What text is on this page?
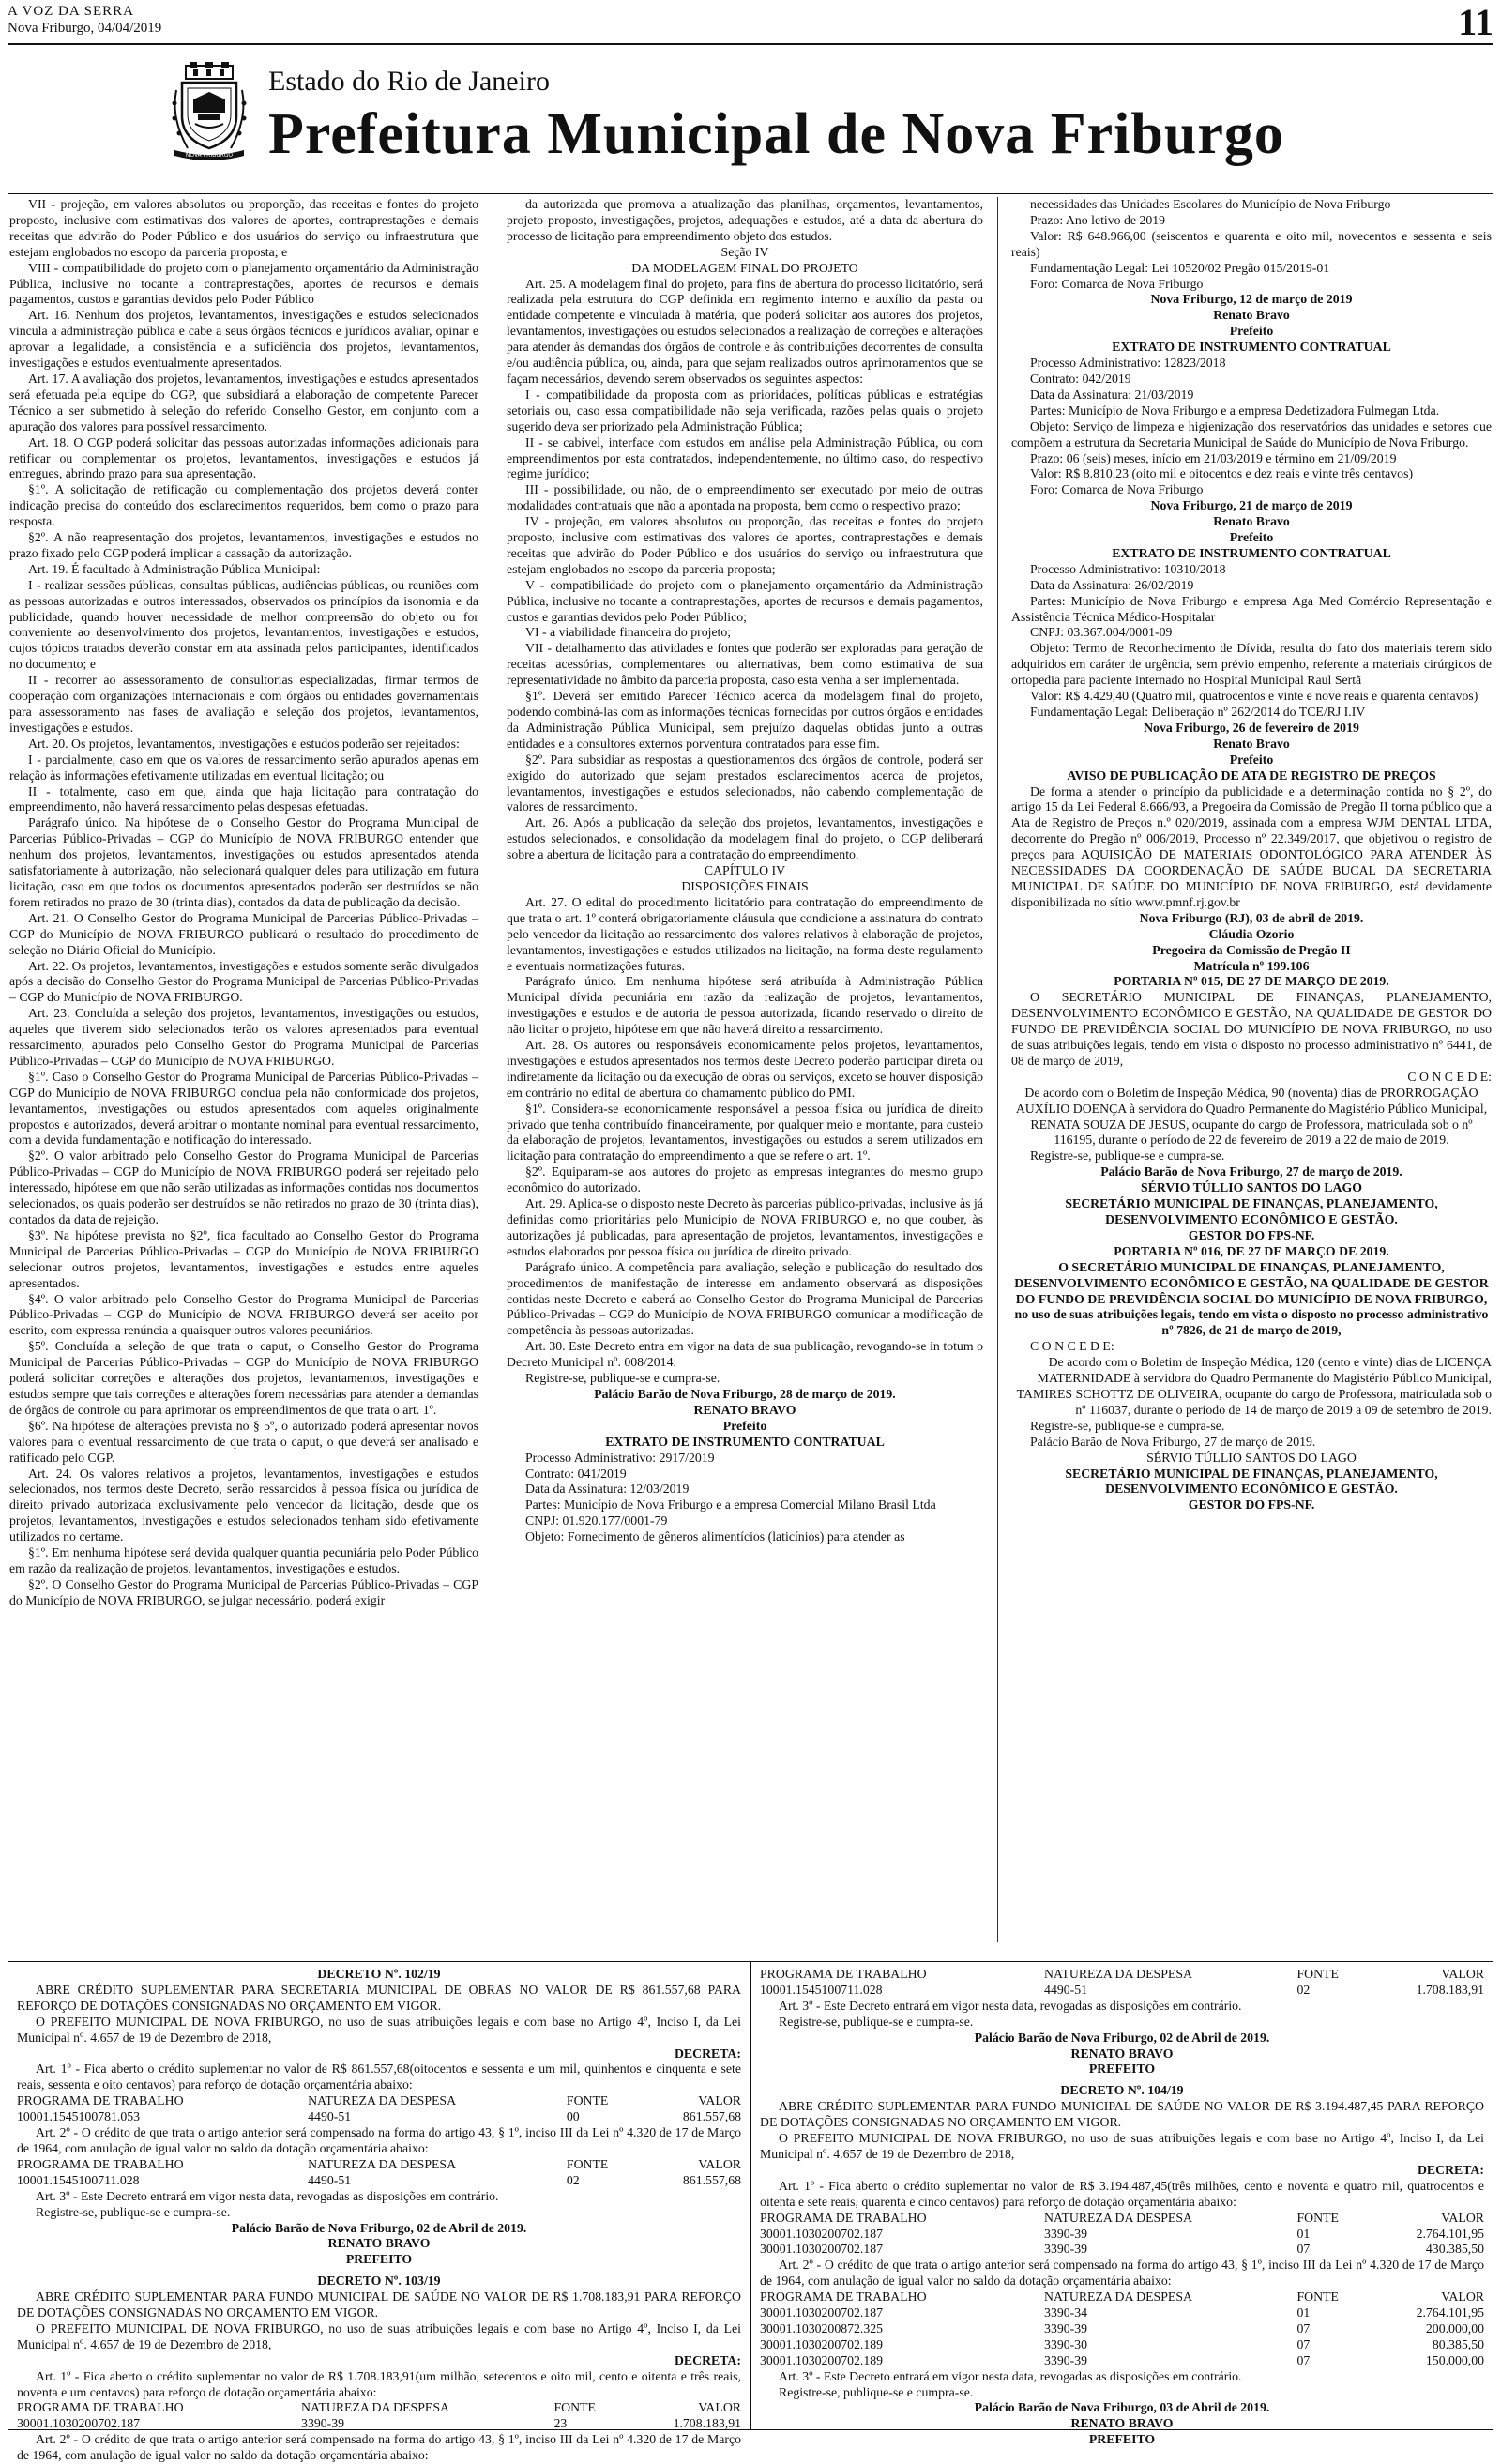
A VOZ DA SERRA
Nova Friburgo, 04/04/2019	11
NOVA FRIBURGO
Estado do Rio de Janeiro
Prefeitura Municipal de Nova Friburgo

VII - projeção, em valores absolutos ou proporção, das receitas e fontes do projeto proposto, inclusive com estimativas dos valores de aportes, contraprestações e demais receitas que advirão do Poder Público e dos usuários do serviço ou infraestrutura que estejam englobados no escopo da parceria proposta; e

VIII - compatibilidade do projeto com o planejamento orçamentário da Administração Pública, inclusive no tocante a contraprestações, aportes de recursos e demais pagamentos, custos e garantias devidos pelo Poder Público

Art. 16. Nenhum dos projetos, levantamentos, investigações e estudos selecionados vincula a administração pública e cabe a seus órgãos técnicos e jurídicos avaliar, opinar e aprovar a legalidade, a consistência e a suficiência dos projetos, levantamentos, investigações e estudos eventualmente apresentados.

Art. 17. A avaliação dos projetos, levantamentos, investigações e estudos apresentados será efetuada pela equipe do CGP, que subsidiará a elaboração de competente Parecer Técnico a ser submetido à seleção do referido Conselho Gestor, em conjunto com a apuração dos valores para possível ressarcimento.

Art. 18. O CGP poderá solicitar das pessoas autorizadas informações adicionais para retificar ou complementar os projetos, levantamentos, investigações e estudos já entregues, abrindo prazo para sua apresentação.

§1º. A solicitação de retificação ou complementação dos projetos deverá conter indicação precisa do conteúdo dos esclarecimentos requeridos, bem como o prazo para resposta.

§2º. A não reapresentação dos projetos, levantamentos, investigações e estudos no prazo fixado pelo CGP poderá implicar a cassação da autorização.

Art. 19. É facultado à Administração Pública Municipal:

I - realizar sessões públicas, consultas públicas, audiências públicas, ou reuniões com as pessoas autorizadas e outros interessados, observados os princípios da isonomia e da publicidade, quando houver necessidade de melhor compreensão do objeto ou for conveniente ao desenvolvimento dos projetos, levantamentos, investigações e estudos, cujos tópicos tratados deverão constar em ata assinada pelos participantes, identificados no documento; e

II - recorrer ao assessoramento de consultorias especializadas, firmar termos de cooperação com organizações internacionais e com órgãos ou entidades governamentais para assessoramento nas fases de avaliação e seleção dos projetos, levantamentos, investigações e estudos.

Art. 20. Os projetos, levantamentos, investigações e estudos poderão ser rejeitados:

I - parcialmente, caso em que os valores de ressarcimento serão apurados apenas em relação às informações efetivamente utilizadas em eventual licitação; ou

II - totalmente, caso em que, ainda que haja licitação para contratação do empreendimento, não haverá ressarcimento pelas despesas efetuadas.

Parágrafo único. Na hipótese de o Conselho Gestor do Programa Municipal de Parcerias Público-Privadas – CGP do Município de NOVA FRIBURGO entender que nenhum dos projetos, levantamentos, investigações ou estudos apresentados atenda satisfatoriamente à autorização, não selecionará qualquer deles para utilização em futura licitação, caso em que todos os documentos apresentados poderão ser destruídos se não forem retirados no prazo de 30 (trinta dias), contados da data de publicação da decisão.

Art. 21. O Conselho Gestor do Programa Municipal de Parcerias Público-Privadas – CGP do Município de NOVA FRIBURGO publicará o resultado do procedimento de seleção no Diário Oficial do Município.

Art. 22. Os projetos, levantamentos, investigações e estudos somente serão divulgados após a decisão do Conselho Gestor do Programa Municipal de Parcerias Público-Privadas – CGP do Município de NOVA FRIBURGO.

Art. 23. Concluída a seleção dos projetos, levantamentos, investigações ou estudos, aqueles que tiverem sido selecionados terão os valores apresentados para eventual ressarcimento, apurados pelo Conselho Gestor do Programa Municipal de Parcerias Público-Privadas – CGP do Município de NOVA FRIBURGO.

§1º. Caso o Conselho Gestor do Programa Municipal de Parcerias Público-Privadas – CGP do Município de NOVA FRIBURGO conclua pela não conformidade dos projetos, levantamentos, investigações ou estudos apresentados com aqueles originalmente propostos e autorizados, deverá arbitrar o montante nominal para eventual ressarcimento, com a devida fundamentação e notificação do interessado.

§2º. O valor arbitrado pelo Conselho Gestor do Programa Municipal de Parcerias Público-Privadas – CGP do Município de NOVA FRIBURGO poderá ser rejeitado pelo interessado, hipótese em que não serão utilizadas as informações contidas nos documentos selecionados, os quais poderão ser destruídos se não retirados no prazo de 30 (trinta dias), contados da data de rejeição.

§3º. Na hipótese prevista no §2º, fica facultado ao Conselho Gestor do Programa Municipal de Parcerias Público-Privadas – CGP do Município de NOVA FRIBURGO selecionar outros projetos, levantamentos, investigações e estudos entre aqueles apresentados.

§4º. O valor arbitrado pelo Conselho Gestor do Programa Municipal de Parcerias Público-Privadas – CGP do Município de NOVA FRIBURGO deverá ser aceito por escrito, com expressa renúncia a quaisquer outros valores pecuniários.

§5º. Concluída a seleção de que trata o caput, o Conselho Gestor do Programa Municipal de Parcerias Público-Privadas – CGP do Município de NOVA FRIBURGO poderá solicitar correções e alterações dos projetos, levantamentos, investigações e estudos sempre que tais correções e alterações forem necessárias para atender a demandas de órgãos de controle ou para aprimorar os empreendimentos de que trata o art. 1º.

§6º. Na hipótese de alterações prevista no § 5º, o autorizado poderá apresentar novos valores para o eventual ressarcimento de que trata o caput, o que deverá ser analisado e ratificado pelo CGP.

Art. 24. Os valores relativos a projetos, levantamentos, investigações e estudos selecionados, nos termos deste Decreto, serão ressarcidos à pessoa física ou jurídica de direito privado autorizada exclusivamente pelo vencedor da licitação, desde que os projetos, levantamentos, investigações e estudos selecionados tenham sido efetivamente utilizados no certame.

§1º. Em nenhuma hipótese será devida qualquer quantia pecuniária pelo Poder Público em razão da realização de projetos, levantamentos, investigações e estudos.

§2º. O Conselho Gestor do Programa Municipal de Parcerias Público-Privadas – CGP do Município de NOVA FRIBURGO, se julgar necessário, poderá exigir

da autorizada que promova a atualização das planilhas, orçamentos, levantamentos, projeto proposto, investigações, projetos, adequações e estudos, até a data da abertura do processo de licitação para empreendimento objeto dos estudos.

Seção IV

DA MODELAGEM FINAL DO PROJETO

Art. 25. A modelagem final do projeto, para fins de abertura do processo licitatório, será realizada pela estrutura do CGP definida em regimento interno e auxílio da pasta ou entidade competente e vinculada à matéria, que poderá solicitar aos autores dos projetos, levantamentos, investigações ou estudos selecionados a realização de correções e alterações para atender às demandas dos órgãos de controle e às contribuições decorrentes de consulta e/ou audiência pública, ou, ainda, para que sejam realizados outros aprimoramentos que se façam necessários, devendo serem observados os seguintes aspectos:

I - compatibilidade da proposta com as prioridades, políticas públicas e estratégias setoriais ou, caso essa compatibilidade não seja verificada, razões pelas quais o projeto sugerido deva ser priorizado pela Administração Pública;

II - se cabível, interface com estudos em análise pela Administração Pública, ou com empreendimentos por esta contratados, independentemente, no último caso, do respectivo regime jurídico;

III - possibilidade, ou não, de o empreendimento ser executado por meio de outras modalidades contratuais que não a apontada na proposta, bem como o respectivo prazo;

IV - projeção, em valores absolutos ou proporção, das receitas e fontes do projeto proposto, inclusive com estimativas dos valores de aportes, contraprestações e demais receitas que advirão do Poder Público e dos usuários do serviço ou infraestrutura que estejam englobados no escopo da parceria proposta;

V - compatibilidade do projeto com o planejamento orçamentário da Administração Pública, inclusive no tocante a contraprestações, aportes de recursos e demais pagamentos, custos e garantias devidos pelo Poder Público;

VI - a viabilidade financeira do projeto;

VII - detalhamento das atividades e fontes que poderão ser exploradas para geração de receitas acessórias, complementares ou alternativas, bem como estimativa de sua representatividade no âmbito da parceria proposta, caso esta venha a ser implementada.

§1º. Deverá ser emitido Parecer Técnico acerca da modelagem final do projeto, podendo combiná-las com as informações técnicas fornecidas por outros órgãos e entidades da Administração Pública Municipal, sem prejuízo daquelas obtidas junto a outras entidades e a consultores externos porventura contratados para esse fim.

§2º. Para subsidiar as respostas a questionamentos dos órgãos de controle, poderá ser exigido do autorizado que sejam prestados esclarecimentos acerca de projetos, levantamentos, investigações e estudos selecionados, não cabendo complementação de valores de ressarcimento.

Art. 26. Após a publicação da seleção dos projetos, levantamentos, investigações e estudos selecionados, e consolidação da modelagem final do projeto, o CGP deliberará sobre a abertura de licitação para a contratação do empreendimento.

CAPÍTULO IV

DISPOSIÇÕES FINAIS

Art. 27. O edital do procedimento licitatório para contratação do empreendimento de que trata o art. 1º conterá obrigatoriamente cláusula que condicione a assinatura do contrato pelo vencedor da licitação ao ressarcimento dos valores relativos à elaboração de projetos, levantamentos, investigações e estudos utilizados na licitação, na forma deste regulamento e eventuais normatizações futuras.

Parágrafo único. Em nenhuma hipótese será atribuída à Administração Pública Municipal dívida pecuniária em razão da realização de projetos, levantamentos, investigações e estudos e de autoria de pessoa autorizada, ficando reservado o direito de não licitar o projeto, hipótese em que não haverá direito a ressarcimento.

Art. 28. Os autores ou responsáveis economicamente pelos projetos, levantamentos, investigações e estudos apresentados nos termos deste Decreto poderão participar direta ou indiretamente da licitação ou da execução de obras ou serviços, exceto se houver disposição em contrário no edital de abertura do chamamento público do PMI.

§1º. Considera-se economicamente responsável a pessoa física ou jurídica de direito privado que tenha contribuído financeiramente, por qualquer meio e montante, para custeio da elaboração de projetos, levantamentos, investigações ou estudos a serem utilizados em licitação para contratação do empreendimento a que se refere o art. 1º.

§2º. Equiparam-se aos autores do projeto as empresas integrantes do mesmo grupo econômico do autorizado.

Art. 29. Aplica-se o disposto neste Decreto às parcerias público-privadas, inclusive às já definidas como prioritárias pelo Município de NOVA FRIBURGO e, no que couber, às autorizações já publicadas, para apresentação de projetos, levantamentos, investigações e estudos elaborados por pessoa física ou jurídica de direito privado.

Parágrafo único. A competência para avaliação, seleção e publicação do resultado dos procedimentos de manifestação de interesse em andamento observará as disposições contidas neste Decreto e caberá ao Conselho Gestor do Programa Municipal de Parcerias Público-Privadas – CGP do Município de NOVA FRIBURGO comunicar a modificação de competência às pessoas autorizadas.

Art. 30. Este Decreto entra em vigor na data de sua publicação, revogando-se in totum o Decreto Municipal nº. 008/2014.

Registre-se, publique-se e cumpra-se.

Palácio Barão de Nova Friburgo, 28 de março de 2019.

RENATO BRAVO

Prefeito

EXTRATO DE INSTRUMENTO CONTRATUAL

Processo Administrativo: 2917/2019

Contrato: 041/2019

Data da Assinatura: 12/03/2019

Partes: Município de Nova Friburgo e a empresa Comercial Milano Brasil Ltda

CNPJ: 01.920.177/0001-79

Objeto: Fornecimento de gêneros alimentícios (laticínios) para atender as

necessidades das Unidades Escolares do Município de Nova Friburgo

Prazo: Ano letivo de 2019

Valor: R$ 648.966,00 (seiscentos e quarenta e oito mil, novecentos e sessenta e seis reais)

Fundamentação Legal: Lei 10520/02 Pregão 015/2019-01

Foro: Comarca de Nova Friburgo

Nova Friburgo, 12 de março de 2019

Renato Bravo

Prefeito

EXTRATO DE INSTRUMENTO CONTRATUAL

Processo Administrativo: 12823/2018

Contrato: 042/2019

Data da Assinatura: 21/03/2019

Partes: Município de Nova Friburgo e a empresa Dedetizadora Fulmegan Ltda.

Objeto: Serviço de limpeza e higienização dos reservatórios das unidades e setores que compõem a estrutura da Secretaria Municipal de Saúde do Município de Nova Friburgo.

Prazo: 06 (seis) meses, início em 21/03/2019 e término em 21/09/2019

Valor: R$ 8.810,23 (oito mil e oitocentos e dez reais e vinte três centavos)

Foro: Comarca de Nova Friburgo

Nova Friburgo, 21 de março de 2019

Renato Bravo

Prefeito

EXTRATO DE INSTRUMENTO CONTRATUAL

Processo Administrativo: 10310/2018

Data da Assinatura: 26/02/2019

Partes: Município de Nova Friburgo e empresa Aga Med Comércio Representação e Assistência Técnica Médico-Hospitalar

CNPJ: 03.367.004/0001-09

Objeto: Termo de Reconhecimento de Dívida, resulta do fato dos materiais terem sido adquiridos em caráter de urgência, sem prévio empenho, referente a materiais cirúrgicos de ortopedia para paciente internado no Hospital Municipal Raul Sertã

Valor: R$ 4.429,40 (Quatro mil, quatrocentos e vinte e nove reais e quarenta centavos)

Fundamentação Legal: Deliberação nº 262/2014 do TCE/RJ I.IV

Nova Friburgo, 26 de fevereiro de 2019

Renato Bravo

Prefeito

AVISO DE PUBLICAÇÃO DE ATA DE REGISTRO DE PREÇOS

De forma a atender o princípio da publicidade e a determinação contida no § 2º, do artigo 15 da Lei Federal 8.666/93, a Pregoeira da Comissão de Pregão II torna público que a Ata de Registro de Preços n.º 020/2019, assinada com a empresa WJM DENTAL LTDA, decorrente do Pregão nº 006/2019, Processo nº 22.349/2017, que objetivou o registro de preços para AQUISIÇÃO DE MATERIAIS ODONTOLÓGICO PARA ATENDER ÀS NECESSIDADES DA COORDENAÇÃO DE SAÚDE BUCAL DA SECRETARIA MUNICIPAL DE SAÚDE DO MUNICÍPIO DE NOVA FRIBURGO, está devidamente disponibilizada no sítio www.pmnf.rj.gov.br

Nova Friburgo (RJ), 03 de abril de 2019.

Cláudia Ozorio

Pregoeira da Comissão de Pregão II

Matrícula nº 199.106

PORTARIA Nº 015, DE 27 DE MARÇO DE 2019.

O SECRETÁRIO MUNICIPAL DE FINANÇAS, PLANEJAMENTO, DESENVOLVIMENTO ECONÔMICO E GESTÃO, NA QUALIDADE DE GESTOR DO FUNDO DE PREVIDÊNCIA SOCIAL DO MUNICÍPIO DE NOVA FRIBURGO, no uso de suas atribuições legais, tendo em vista o disposto no processo administrativo nº 6441, de 08 de março de 2019,

C O N C E D E:

De acordo com o Boletim de Inspeção Médica, 90 (noventa) dias de PRORROGAÇÃO AUXÍLIO DOENÇA à servidora do Quadro Permanente do Magistério Público Municipal, RENATA SOUZA DE JESUS, ocupante do cargo de Professora, matriculada sob o nº 116195, durante o período de 22 de fevereiro de 2019 a 22 de maio de 2019.

Registre-se, publique-se e cumpra-se.

Palácio Barão de Nova Friburgo, 27 de março de 2019.

SÉRVIO TÚLLIO SANTOS DO LAGO

SECRETÁRIO MUNICIPAL DE FINANÇAS, PLANEJAMENTO, DESENVOLVIMENTO ECONÔMICO E GESTÃO.

GESTOR DO FPS-NF.

PORTARIA Nº 016, DE 27 DE MARÇO DE 2019.

O SECRETÁRIO MUNICIPAL DE FINANÇAS, PLANEJAMENTO, DESENVOLVIMENTO ECONÔMICO E GESTÃO, NA QUALIDADE DE GESTOR DO FUNDO DE PREVIDÊNCIA SOCIAL DO MUNICÍPIO DE NOVA FRIBURGO, no uso de suas atribuições legais, tendo em vista o disposto no processo administrativo nº 7826, de 21 de março de 2019,

C O N C E D E:

De acordo com o Boletim de Inspeção Médica, 120 (cento e vinte) dias de LICENÇA MATERNIDADE à servidora do Quadro Permanente do Magistério Público Municipal, TAMIRES SCHOTTZ DE OLIVEIRA, ocupante do cargo de Professora, matriculada sob o nº 116037, durante o período de 14 de março de 2019 a 09 de setembro de 2019.

Registre-se, publique-se e cumpra-se.

Palácio Barão de Nova Friburgo, 27 de março de 2019.

SÉRVIO TÚLLIO SANTOS DO LAGO

SECRETÁRIO MUNICIPAL DE FINANÇAS, PLANEJAMENTO, DESENVOLVIMENTO ECONÔMICO E GESTÃO.

GESTOR DO FPS-NF.

DECRETO Nº. 102/19

ABRE CRÉDITO SUPLEMENTAR PARA SECRETARIA MUNICIPAL DE OBRAS NO VALOR DE R$ 861.557,68 PARA REFORÇO DE DOTAÇÕES CONSIGNADAS NO ORÇAMENTO EM VIGOR.

O PREFEITO MUNICIPAL DE NOVA FRIBURGO, no uso de suas atribuições legais e com base no Artigo 4º, Inciso I, da Lei Municipal nº. 4.657 de 19 de Dezembro de 2018,

DECRETA:

Art. 1º - Fica aberto o crédito suplementar no valor de R$ 861.557,68(oitocentos e sessenta e um mil, quinhentos e cinquenta e sete reais, sessenta e oito centavos) para reforço de dotação orçamentária abaixo:

PROGRAMA DE TRABALHO	NATUREZA DA DESPESA	FONTE	VALOR
10001.1545100781.053	4490-51	00	861.557,68

Art. 2º - O crédito de que trata o artigo anterior será compensado na forma do artigo 43, § 1º, inciso III da Lei nº 4.320 de 17 de Março de 1964, com anulação de igual valor no saldo da dotação orçamentária abaixo:

PROGRAMA DE TRABALHO	NATUREZA DA DESPESA	FONTE	VALOR
10001.1545100711.028	4490-51	02	861.557,68

Art. 3º - Este Decreto entrará em vigor nesta data, revogadas as disposições em contrário.

Registre-se, publique-se e cumpra-se.

Palácio Barão de Nova Friburgo, 02 de Abril de 2019.

RENATO BRAVO

PREFEITO

DECRETO Nº. 103/19

ABRE CRÉDITO SUPLEMENTAR PARA FUNDO MUNICIPAL DE SAÚDE NO VALOR DE R$ 1.708.183,91 PARA REFORÇO DE DOTAÇÕES CONSIGNADAS NO ORÇAMENTO EM VIGOR.

O PREFEITO MUNICIPAL DE NOVA FRIBURGO, no uso de suas atribuições legais e com base no Artigo 4º, Inciso I, da Lei Municipal nº. 4.657 de 19 de Dezembro de 2018,

DECRETA:

Art. 1º - Fica aberto o crédito suplementar no valor de R$ 1.708.183,91(um milhão, setecentos e oito mil, cento e oitenta e três reais, noventa e um centavos) para reforço de dotação orçamentária abaixo:

PROGRAMA DE TRABALHO	NATUREZA DA DESPESA	FONTE	VALOR
30001.1030200702.187	3390-39	23	1.708.183,91

Art. 2º - O crédito de que trata o artigo anterior será compensado na forma do artigo 43, § 1º, inciso III da Lei nº 4.320 de 17 de Março de 1964, com anulação de igual valor no saldo da dotação orçamentária abaixo:

PROGRAMA DE TRABALHO	NATUREZA DA DESPESA	FONTE	VALOR
10001.1545100711.028	4490-51	02	1.708.183,91

Art. 3º - Este Decreto entrará em vigor nesta data, revogadas as disposições em contrário.

Registre-se, publique-se e cumpra-se.

Palácio Barão de Nova Friburgo, 02 de Abril de 2019.

RENATO BRAVO

PREFEITO

DECRETO Nº. 104/19

ABRE CRÉDITO SUPLEMENTAR PARA FUNDO MUNICIPAL DE SAÚDE NO VALOR DE R$ 3.194.487,45 PARA REFORÇO DE DOTAÇÕES CONSIGNADAS NO ORÇAMENTO EM VIGOR.

O PREFEITO MUNICIPAL DE NOVA FRIBURGO, no uso de suas atribuições legais e com base no Artigo 4º, Inciso I, da Lei Municipal nº. 4.657 de 19 de Dezembro de 2018,

DECRETA:

Art. 1º - Fica aberto o crédito suplementar no valor de R$ 3.194.487,45(três milhões, cento e noventa e quatro mil, quatrocentos e oitenta e sete reais, quarenta e cinco centavos) para reforço de dotação orçamentária abaixo:

PROGRAMA DE TRABALHO	NATUREZA DA DESPESA	FONTE	VALOR
30001.1030200702.187	3390-39	01	2.764.101,95
30001.1030200702.187	3390-39	07	430.385,50

Art. 2º - O crédito de que trata o artigo anterior será compensado na forma do artigo 43, § 1º, inciso III da Lei nº 4.320 de 17 de Março de 1964, com anulação de igual valor no saldo da dotação orçamentária abaixo:

PROGRAMA DE TRABALHO	NATUREZA DA DESPESA	FONTE	VALOR
30001.1030200702.187	3390-34	01	2.764.101,95
30001.1030200872.325	3390-39	07	200.000,00
30001.1030200702.189	3390-30	07	80.385,50
30001.1030200702.189	3390-39	07	150.000,00

Art. 3º - Este Decreto entrará em vigor nesta data, revogadas as disposições em contrário.

Registre-se, publique-se e cumpra-se.

Palácio Barão de Nova Friburgo, 03 de Abril de 2019.

RENATO BRAVO

PREFEITO
